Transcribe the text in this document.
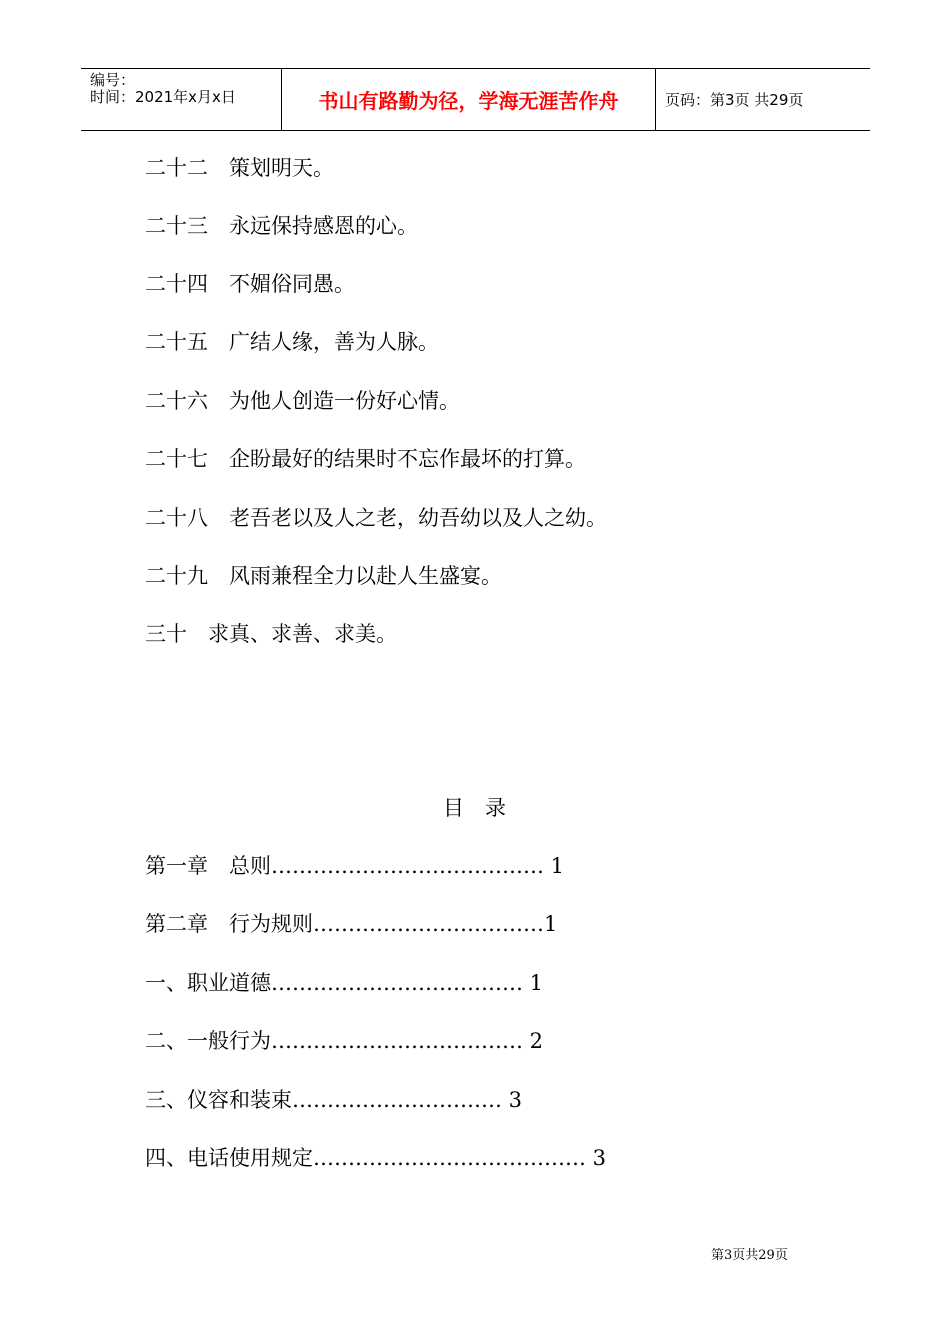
编号：
时间：2021年x月x日	书山有路勤为径，学海无涯苦作舟	页码：第3页 共29页
二十二　策划明天。
二十三　永远保持感恩的心。
二十四　不媚俗同愚。
二十五　广结人缘，善为人脉。
二十六　为他人创造一份好心情。
二十七　企盼最好的结果时不忘作最坏的打算。
二十八　老吾老以及人之老，幼吾幼以及人之幼。
二十九　风雨兼程全力以赴人生盛宴。
三十　求真、求善、求美。
目　录
第一章　总则………………………………… 1
第二章　行为规则……………………………1
一、职业道德……………………………… 1
二、一般行为……………………………… 2
三、仪容和装束………………………… 3
四、电话使用规定………………………………… 3
第3页共29页
